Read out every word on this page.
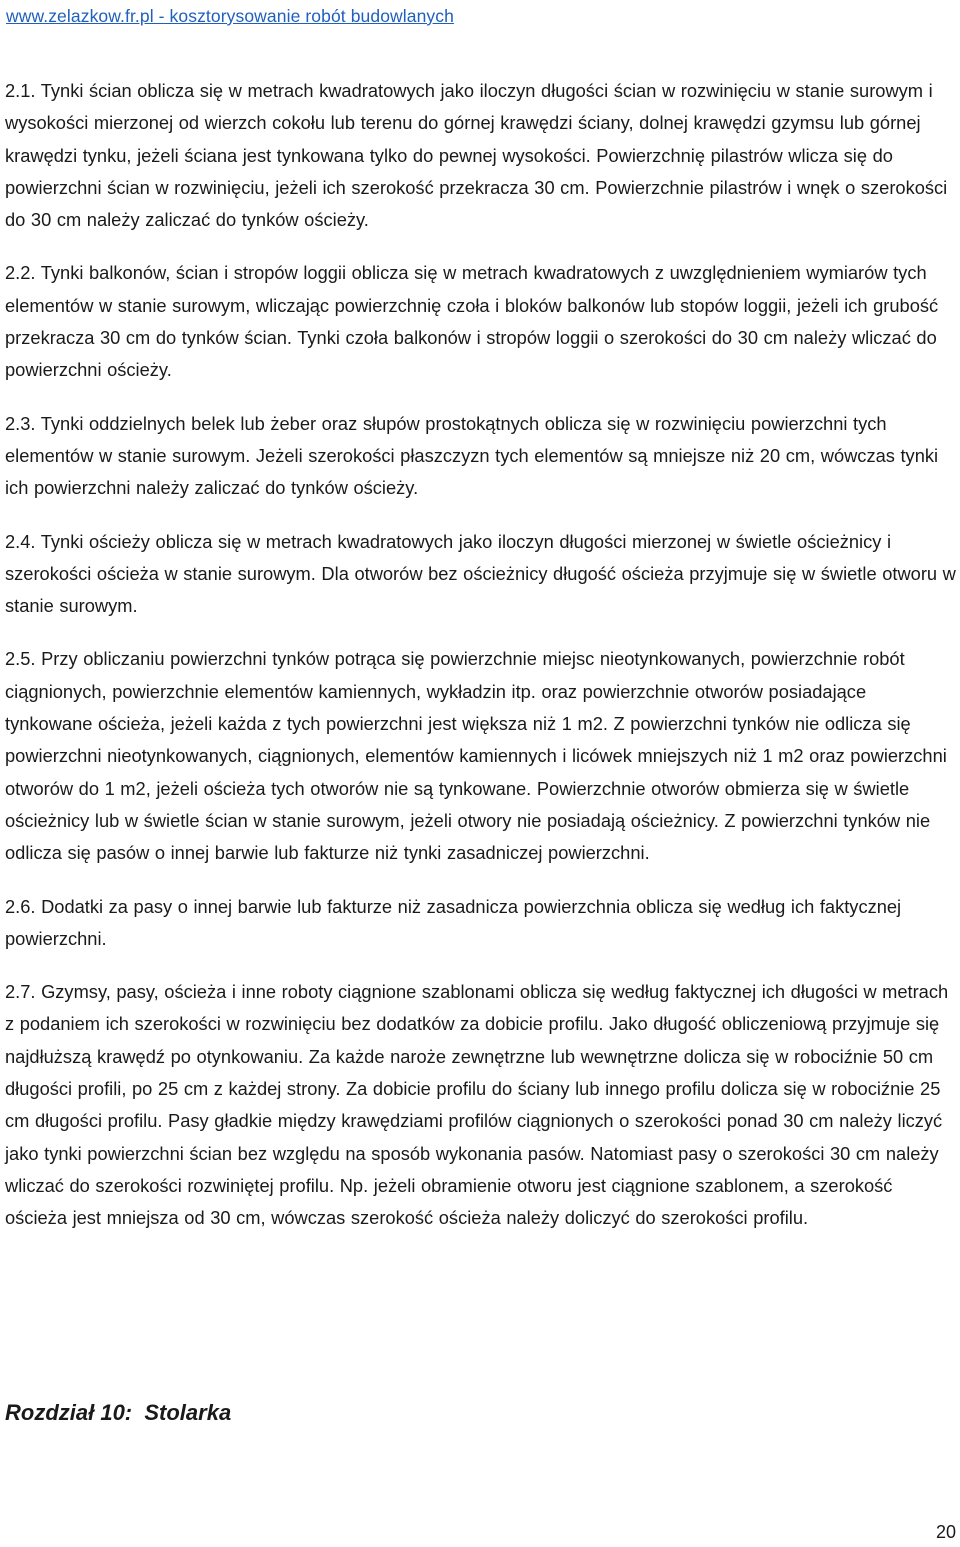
www.zelazkow.fr.pl - kosztorysowanie robót budowlanych

2.1. Tynki ścian oblicza się w metrach kwadratowych jako iloczyn długości ścian w rozwinięciu w stanie surowym i wysokości mierzonej od wierzch cokołu lub terenu do górnej krawędzi ściany, dolnej krawędzi gzymsu lub górnej krawędzi tynku, jeżeli ściana jest tynkowana tylko do pewnej wysokości. Powierzchnię pilastrów wlicza się do powierzchni ścian w rozwinięciu, jeżeli ich szerokość przekracza 30 cm. Powierzchnie pilastrów i wnęk o szerokości do 30 cm należy zaliczać do tynków ościeży.

2.2. Tynki balkonów, ścian i stropów loggii oblicza się w metrach kwadratowych z uwzględnieniem wymiarów tych elementów w stanie surowym, wliczając powierzchnię czoła i bloków balkonów lub stopów loggii, jeżeli ich grubość przekracza 30 cm do tynków ścian. Tynki czoła balkonów i stropów loggii o szerokości do 30 cm należy wliczać do powierzchni ościeży.

2.3. Tynki oddzielnych belek lub żeber oraz słupów prostokątnych oblicza się w rozwinięciu powierzchni tych elementów w stanie surowym. Jeżeli szerokości płaszczyzn tych elementów są mniejsze niż 20 cm, wówczas tynki ich powierzchni należy zaliczać do tynków ościeży.

2.4. Tynki ościeży oblicza się w metrach kwadratowych jako iloczyn długości mierzonej w świetle ościeżnicy i szerokości ościeża w stanie surowym. Dla otworów bez ościeżnicy długość ościeża przyjmuje się w świetle otworu w stanie surowym.

2.5. Przy obliczaniu powierzchni tynków potrąca się powierzchnie miejsc nieotynkowanych, powierzchnie robót ciągnionych, powierzchnie elementów kamiennych, wykładzin itp. oraz powierzchnie otworów posiadające tynkowane ościeża, jeżeli każda z tych powierzchni jest większa niż 1 m2. Z powierzchni tynków nie odlicza się powierzchni nieotynkowanych, ciągnionych, elementów kamiennych i licówek mniejszych niż 1 m2 oraz powierzchni otworów do 1 m2, jeżeli ościeża tych otworów nie są tynkowane. Powierzchnie otworów obmierza się w świetle ościeżnicy lub w świetle ścian w stanie surowym, jeżeli otwory nie posiadają ościeżnicy. Z powierzchni tynków nie odlicza się pasów o innej barwie lub fakturze niż tynki zasadniczej powierzchni.

2.6. Dodatki za pasy o innej barwie lub fakturze niż zasadnicza powierzchnia oblicza się według ich faktycznej powierzchni.

2.7. Gzymsy, pasy, ościeża i inne roboty ciągnione szablonami oblicza się według faktycznej ich długości w metrach z podaniem ich szerokości w rozwinięciu bez dodatków za dobicie profilu. Jako długość obliczeniową przyjmuje się najdłuższą krawędź po otynkowaniu. Za każde naroże zewnętrzne lub wewnętrzne dolicza się w robociźnie 50 cm długości profili, po 25 cm z każdej strony. Za dobicie profilu do ściany lub innego profilu dolicza się w robociźnie 25 cm długości profilu. Pasy gładkie między krawędziami profilów ciągnionych o szerokości ponad 30 cm należy liczyć jako tynki powierzchni ścian bez względu na sposób wykonania pasów. Natomiast pasy o szerokości 30 cm należy wliczać do szerokości rozwiniętej profilu. Np. jeżeli obramienie otworu jest ciągnione szablonem, a szerokość ościeża jest mniejsza od 30 cm, wówczas szerokość ościeża należy doliczyć do szerokości profilu.

Rozdział 10:  Stolarka
20
